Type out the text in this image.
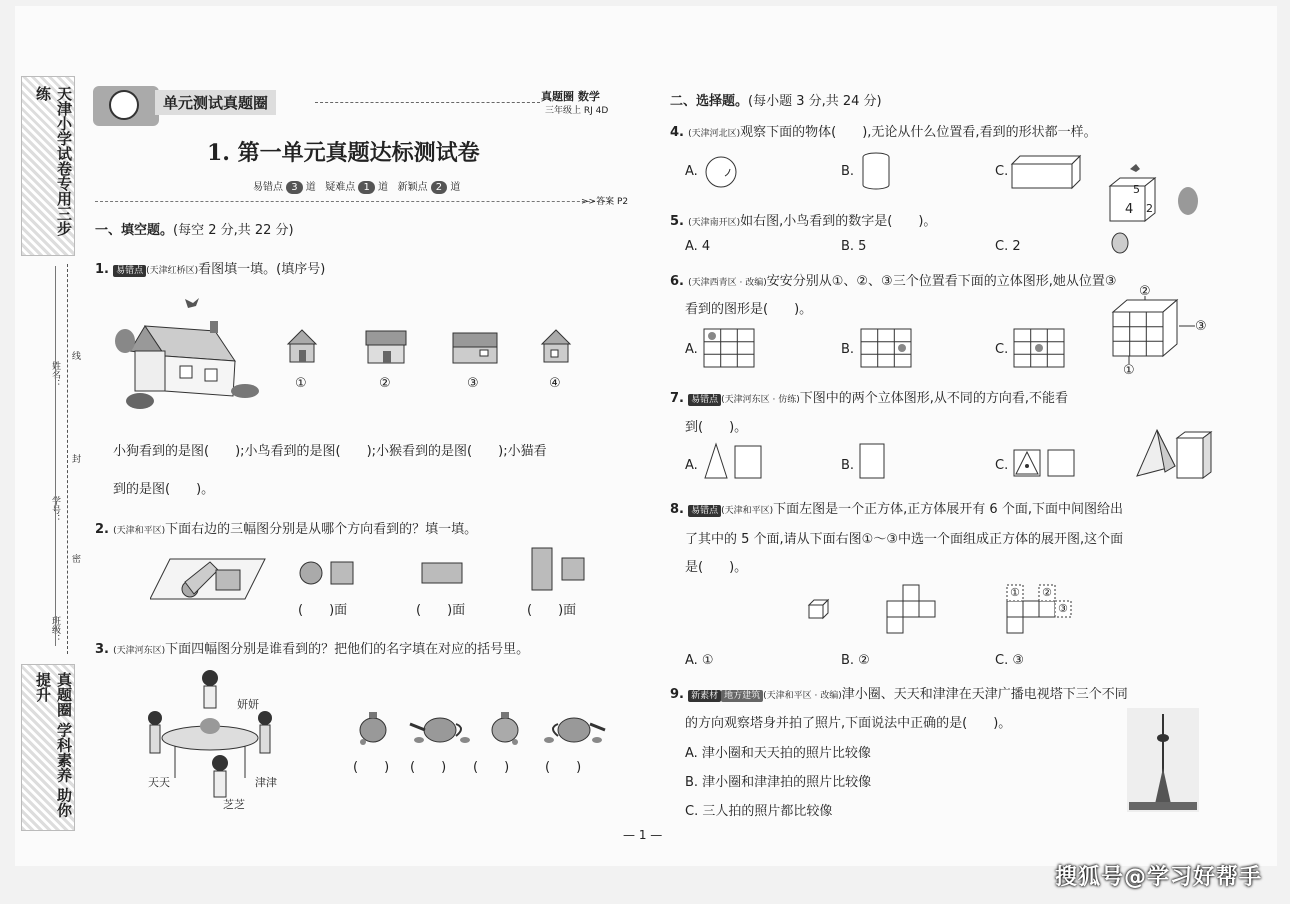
天津小学试卷专用三步练
真题圈 学科素养 助你提升
姓名：
学号：
班级：
线
封
密
单元测试真题圈	真题圈 数学
三年级上 RJ 4D
1. 第一单元真题达标测试卷
易错点 3 道 疑难点 1 道 新颖点 2 道
>>答案 P2
一、填空题。(每空 2 分,共 22 分)
1. 易错点 (天津红桥区)看图填一填。(填序号)
①	②	③	④
小狗看到的是图(　　);小鸟看到的是图(　　);小猴看到的是图(　　);小猫看
到的是图(　　)。
2. (天津和平区)下面右边的三幅图分别是从哪个方向看到的？填一填。
(　　)面	(　　)面	(　　)面
3. (天津河东区)下面四幅图分别是谁看到的？把他们的名字填在对应的括号里。
妍妍
天天	津津
芝芝
(　　) (　　) (　　)	(　　)
二、选择题。(每小题 3 分,共 24 分)
4. (天津河北区)观察下面的物体(　　),无论从什么位置看,看到的形状都一样。
A.	B.	C.
5. (天津南开区)如右图,小鸟看到的数字是(　　)。
A. 4	B. 5	C. 2
5
4 2
6. (天津西青区 · 改编)安安分别从①、②、③三个位置看下面的立体图形,她从位置③
看到的图形是(　　)。
A.	B.	C.
②
③
①
7. 易错点 (天津河东区 · 仿练)下图中的两个立体图形,从不同的方向看,不能看
到(　　)。
A.	B.	C.
8. 易错点 (天津和平区)下面左图是一个正方体,正方体展开有 6 个面,下面中间图给出
了其中的 5 个面,请从下面右图①～③中选一个面组成正方体的展开图,这个面
是(　　)。
① ②
③
A. ①	B. ②	C. ③
9. 新素材 地方建筑 (天津和平区 · 改编)津小圈、天天和津津在天津广播电视塔下三个不同
的方向观察塔身并拍了照片,下面说法中正确的是(　　)。
A. 津小圈和天天拍的照片比较像
B. 津小圈和津津拍的照片比较像
C. 三人拍的照片都比较像
— 1 —
搜狐号@学习好帮手
